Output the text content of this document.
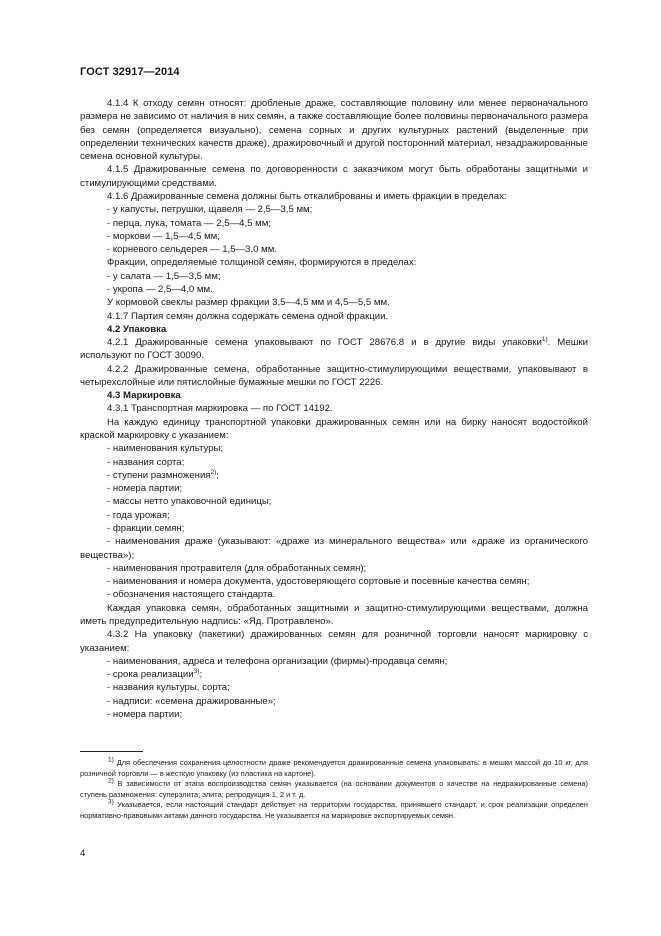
ГОСТ 32917—2014

4.1.4 К отходу семян относят: дробленые драже, составляющие половину или менее первоначального размера не зависимо от наличия в них семян, а также составляющие более половины первоначального размера без семян (определяется визуально), семена сорных и других культурных растений (выделенные при определении технических качеств драже), дражировочный и другой посторонний материал, незадражированные семена основной культуры.

4.1.5 Дражированные семена по договоренности с заказчиком могут быть обработаны защитными и стимулирующими средствами.

4.1.6 Дражированные семена должны быть откалиброваны и иметь фракции в пределах:

- у капусты, петрушки, щавеля — 2,5—3,5 мм;

- перца, лука, томата — 2,5—4,5 мм;

- моркови — 1,5—4,5 мм;

- корневого сельдерея — 1,5—3,0 мм.

Фракции, определяемые толщиной семян, формируются в пределах:

- у салата — 1,5—3,5 мм;

- укропа — 2,5—4,0 мм.

У кормовой свеклы размер фракции 3,5—4,5 мм и 4,5—5,5 мм.

4.1.7 Партия семян должна содержать семена одной фракции.

4.2 Упаковка

4.2.1 Дражированные семена упаковывают по ГОСТ 28676.8 и в другие виды упаковки$^{1)}$. Мешки используют по ГОСТ 30090.

4.2.2 Дражированные семена, обработанные защитно-стимулирующими веществами, упаковывают в четырехслойные или пятислойные бумажные мешки по ГОСТ 2226.

4.3 Маркировка

4.3.1 Транспортная маркировка — по ГОСТ 14192.

На каждую единицу транспортной упаковки дражированных семян или на бирку наносят водостойкой краской маркировку с указанием:

- наименования культуры;

- названия сорта;

- ступени размножения$^{2)}$;

- номера партии;

- массы нетто упаковочной единицы;

- года урожая;

- фракции семян;

- наименования драже (указывают: «драже из минерального вещества» или «драже из органического вещества»);

- наименования протравителя (для обработанных семян);

- наименования и номера документа, удостоверяющего сортовые и посевные качества семян;

- обозначения настоящего стандарта.

Каждая упаковка семян, обработанных защитными и защитно-стимулирующими веществами, должна иметь предупредительную надпись: «Яд. Протравлено».

4.3.2 На упаковку (пакетики) дражированных семян для розничной торговли наносят маркировку с указанием:

- наименования, адреса и телефона организации (фирмы)-продавца семян;

- срока реализации$^{3)}$;

- названия культуры, сорта;

- надписи: «семена дражированные»;

- номера партии;

$^{1)}$ Для обеспечения сохранения целостности драже рекомендуется дражированные семена упаковывать: в мешки массой до 10 кг, для розничной торговли — в жесткую упаковку (из пластика на картоне).

$^{2)}$ В зависимости от этапа воспроизводства семян указывается (на основании документов о качестве на недражированные семена) ступень размножения: суперэлита; элита; репродукция 1, 2 и т. д.

$^{3)}$ Указывается, если настоящий стандарт действует на территории государства, принявшего стандарт, и срок реализации определен нормативно-правовыми актами данного государства. Не указывается на маркировке экспортируемых семян.

4
